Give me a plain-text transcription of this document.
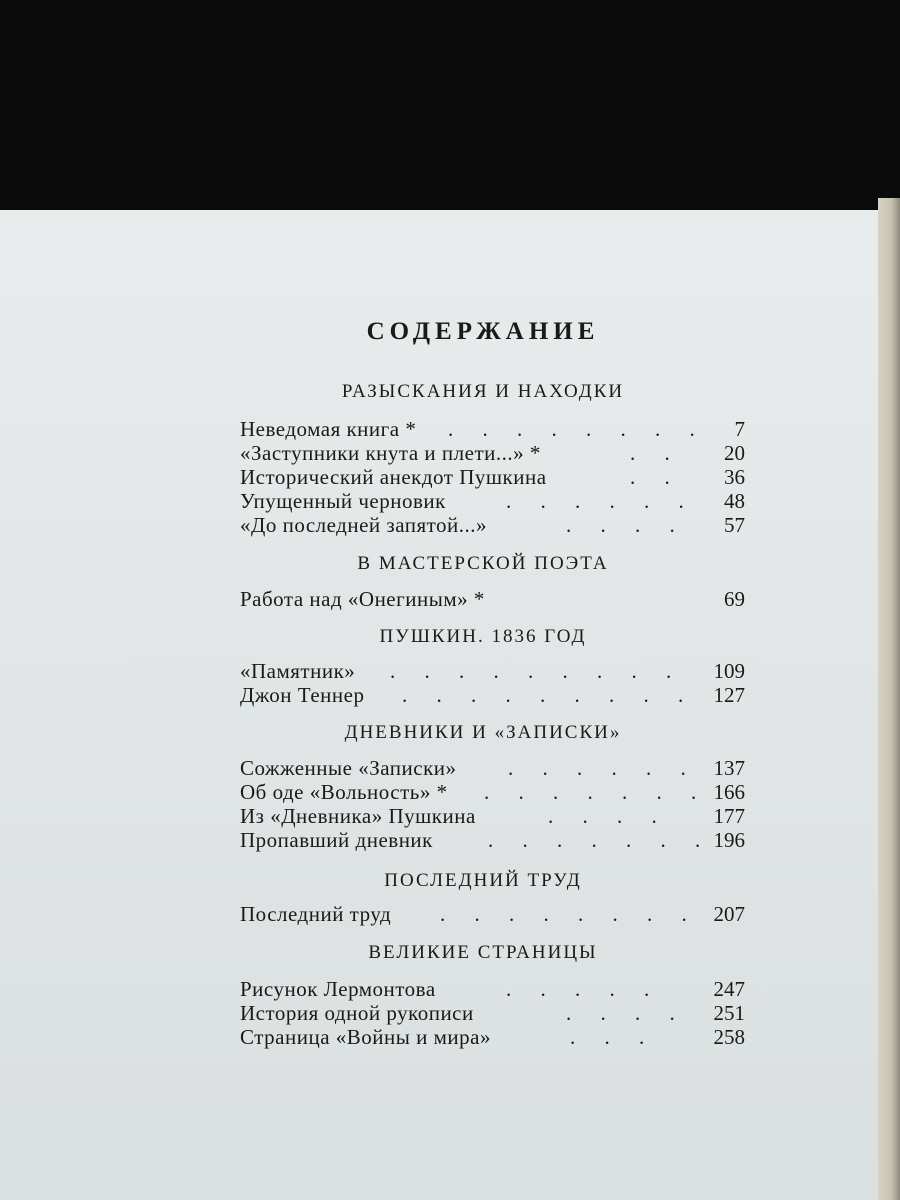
СОДЕРЖАНИЕ
РАЗЫСКАНИЯ И НАХОДКИ
Неведомая книга * . . . . . . . . 7
«Заступники кнута и плети...» *	. . 20
Исторический анекдот Пушкина	. . 36
Упущенный черновик	. . . . . . 48
«До последней запятой...»	. . . . 57
В МАСТЕРСКОЙ ПОЭТА
Работа над «Онегиным» *	69
ПУШКИН. 1836 ГОД
«Памятник» . . . . . . . . . 109
Джон Теннер . . . . . . . . . 127
ДНЕВНИКИ И «ЗАПИСКИ»
Сожженные «Записки» . . . . . . 137
Об оде «Вольность» * . . . . . . . 166
Из «Дневника» Пушкина	. . . . 177
Пропавший дневник	. . . . . . . 196
ПОСЛЕДНИЙ ТРУД
Последний труд . . . . . . . . 207
ВЕЛИКИЕ СТРАНИЦЫ
Рисунок Лермонтова	. . . . . 247
История одной рукописи	. . . . 251
Страница «Войны и мира»	. . .	258
